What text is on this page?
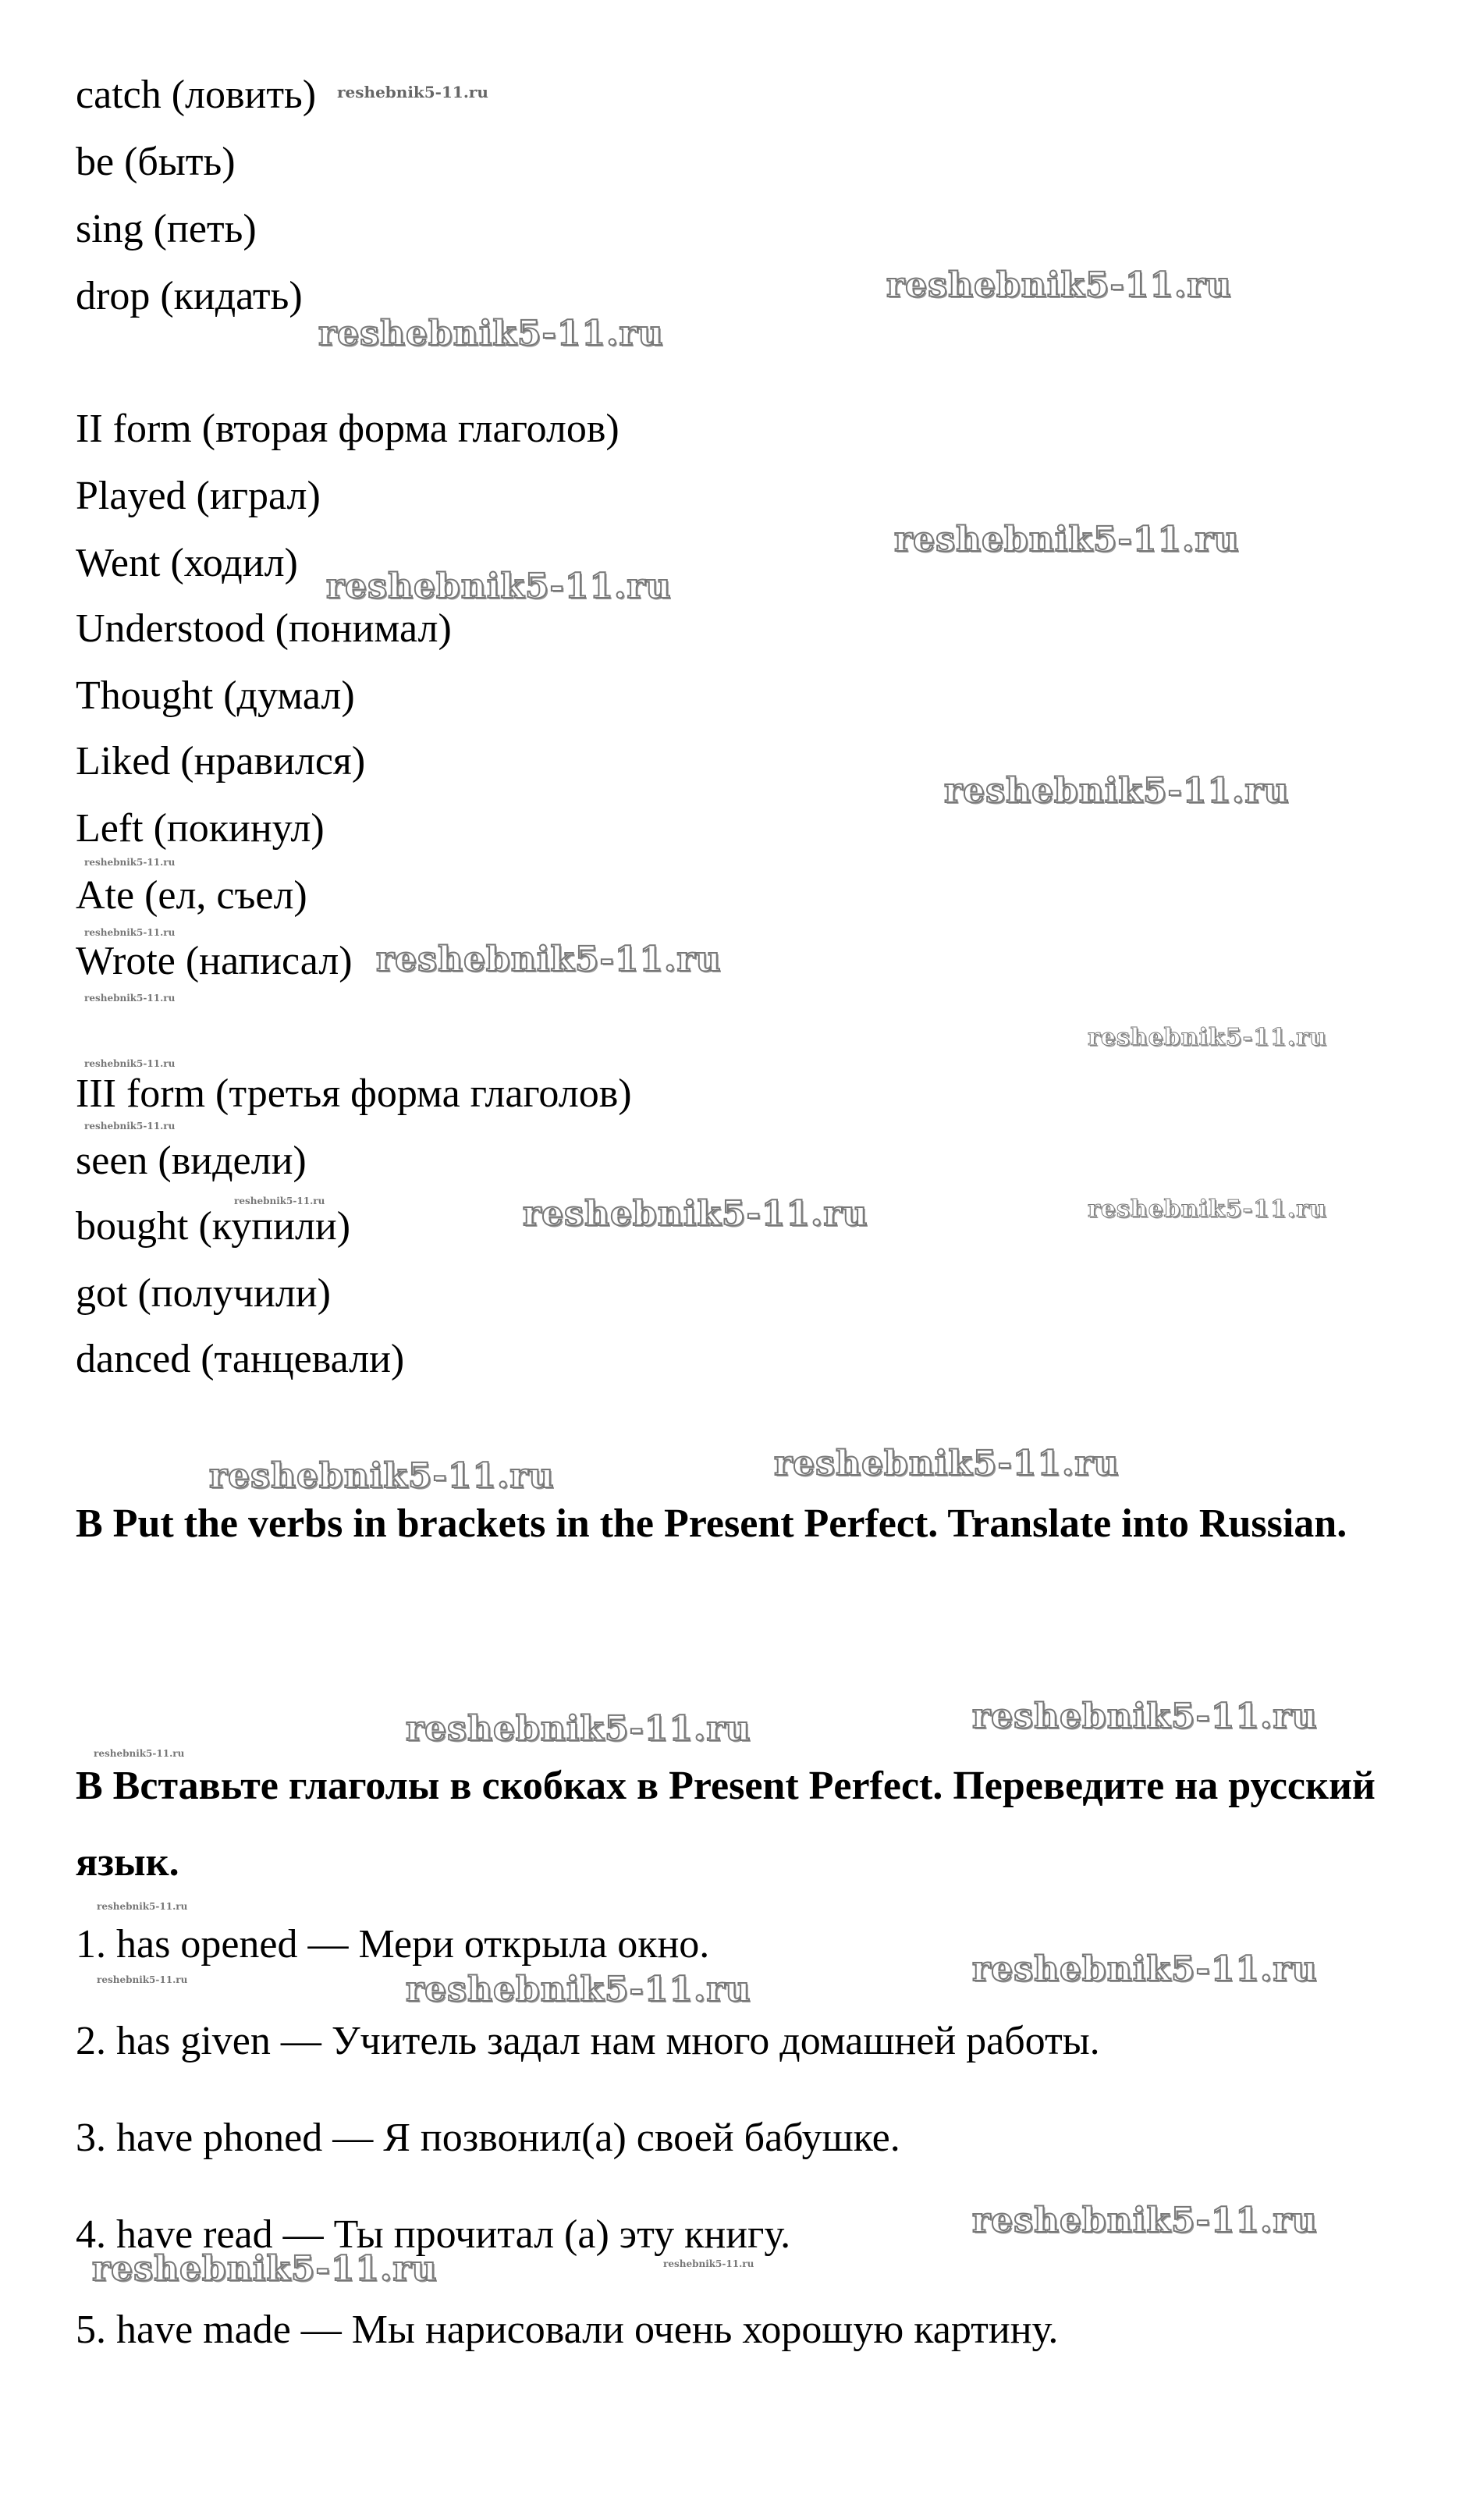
catch (ловить)
be (быть)
sing (петь)
drop (кидать)
II form (вторая форма глаголов)
Played (играл)
Went (ходил)
Understood (понимал)
Thought (думал)
Liked (нравился)
Left (покинул)
Ate (ел, съел)
Wrote (написал)
III form (третья форма глаголов)
seen (видели)
bought (купили)
got (получили)
danced (танцевали)
B Put the verbs in brackets in the Present Perfect. Translate into Russian.
B Вставьте глаголы в скобках в Present Perfect. Переведите на русский язык.
1. has opened — Мери открыла окно.
2. has given — Учитель задал нам много домашней работы.
3. have phoned — Я позвонил(а) своей бабушке.
4. have read — Ты прочитал (а) эту книгу.
5. have made — Мы нарисовали очень хорошую картину.
reshebnik5-11.ru
reshebnik5-11.ru
reshebnik5-11.ru
reshebnik5-11.ru
reshebnik5-11.ru
reshebnik5-11.ru
reshebnik5-11.ru
reshebnik5-11.ru
reshebnik5-11.ru
reshebnik5-11.ru
reshebnik5-11.ru
reshebnik5-11.ru
reshebnik5-11.ru
reshebnik5-11.ru	reshebnik5-11.ru	reshebnik5-11.ru
reshebnik5-11.ru	reshebnik5-11.ru
reshebnik5-11.ru
reshebnik5-11.ru	reshebnik5-11.ru
reshebnik5-11.ru
reshebnik5-11.ru	reshebnik5-11.ru
reshebnik5-11.ru
reshebnik5-11.ru
reshebnik5-11.ru	reshebnik5-11.ru
